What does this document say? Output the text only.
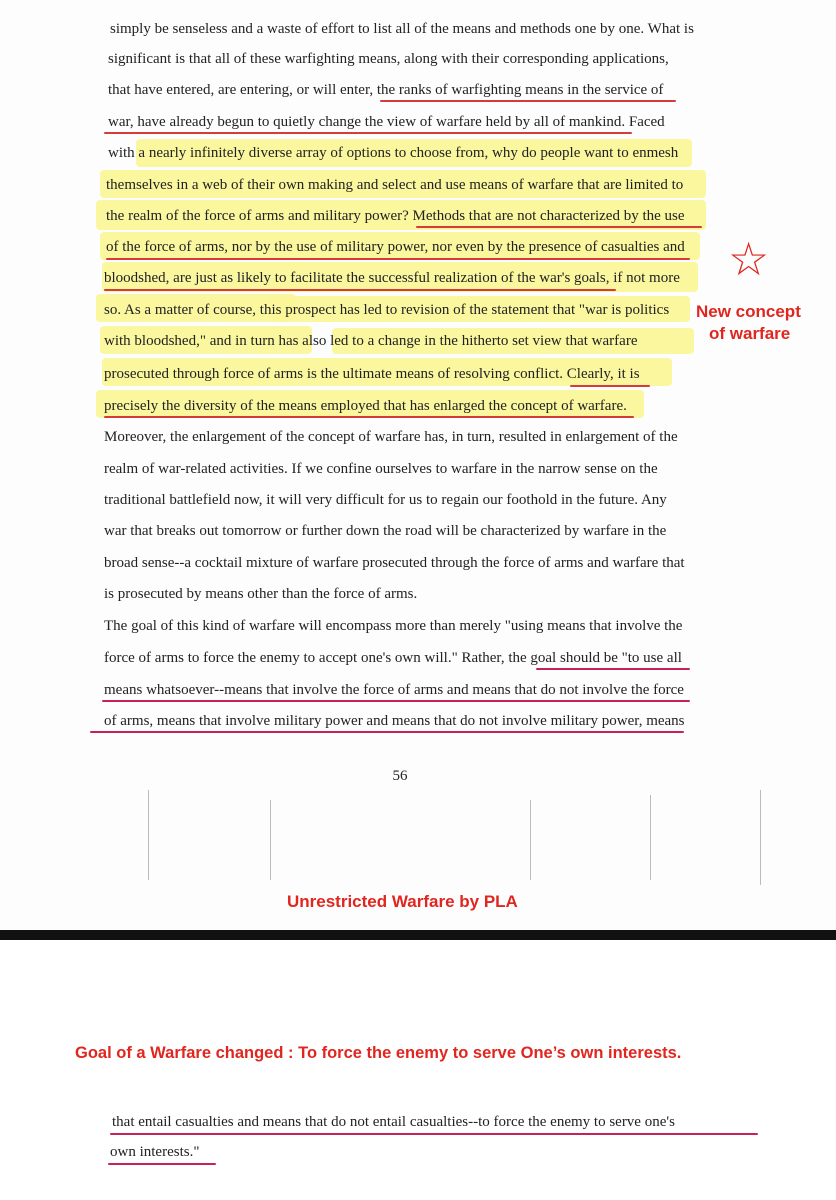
simply be senseless and a waste of effort to list all of the means and methods one by one. What is
significant is that all of these warfighting means, along with their corresponding applications,
that have entered, are entering, or will enter, the ranks of warfighting means in the service of
war, have already begun to quietly change the view of warfare held by all of mankind. Faced
with a nearly infinitely diverse array of options to choose from, why do people want to enmesh
themselves in a web of their own making and select and use means of warfare that are limited to
the realm of the force of arms and military power? Methods that are not characterized by the use
of the force of arms, nor by the use of military power, nor even by the presence of casualties and
bloodshed, are just as likely to facilitate the successful realization of the war's goals, if not more
so. As a matter of course, this prospect has led to revision of the statement that "war is politics
with bloodshed," and in turn has also led to a change in the hitherto set view that warfare
prosecuted through force of arms is the ultimate means of resolving conflict. Clearly, it is
precisely the diversity of the means employed that has enlarged the concept of warfare.
Moreover, the enlargement of the concept of warfare has, in turn, resulted in enlargement of the
realm of war-related activities. If we confine ourselves to warfare in the narrow sense on the
traditional battlefield now, it will very difficult for us to regain our foothold in the future. Any
war that breaks out tomorrow or further down the road will be characterized by warfare in the
broad sense--a cocktail mixture of warfare prosecuted through the force of arms and warfare that
is prosecuted by means other than the force of arms.
The goal of this kind of warfare will encompass more than merely "using means that involve the
force of arms to force the enemy to accept one's own will." Rather, the goal should be "to use all
means whatsoever--means that involve the force of arms and means that do not involve the force
of arms, means that involve military power and means that do not involve military power, means
56
☆
New concept
of warfare
Unrestricted Warfare by PLA
Goal of a Warfare changed : To force the enemy to serve One’s own interests.
that entail casualties and means that do not entail casualties--to force the enemy to serve one's
own interests."
